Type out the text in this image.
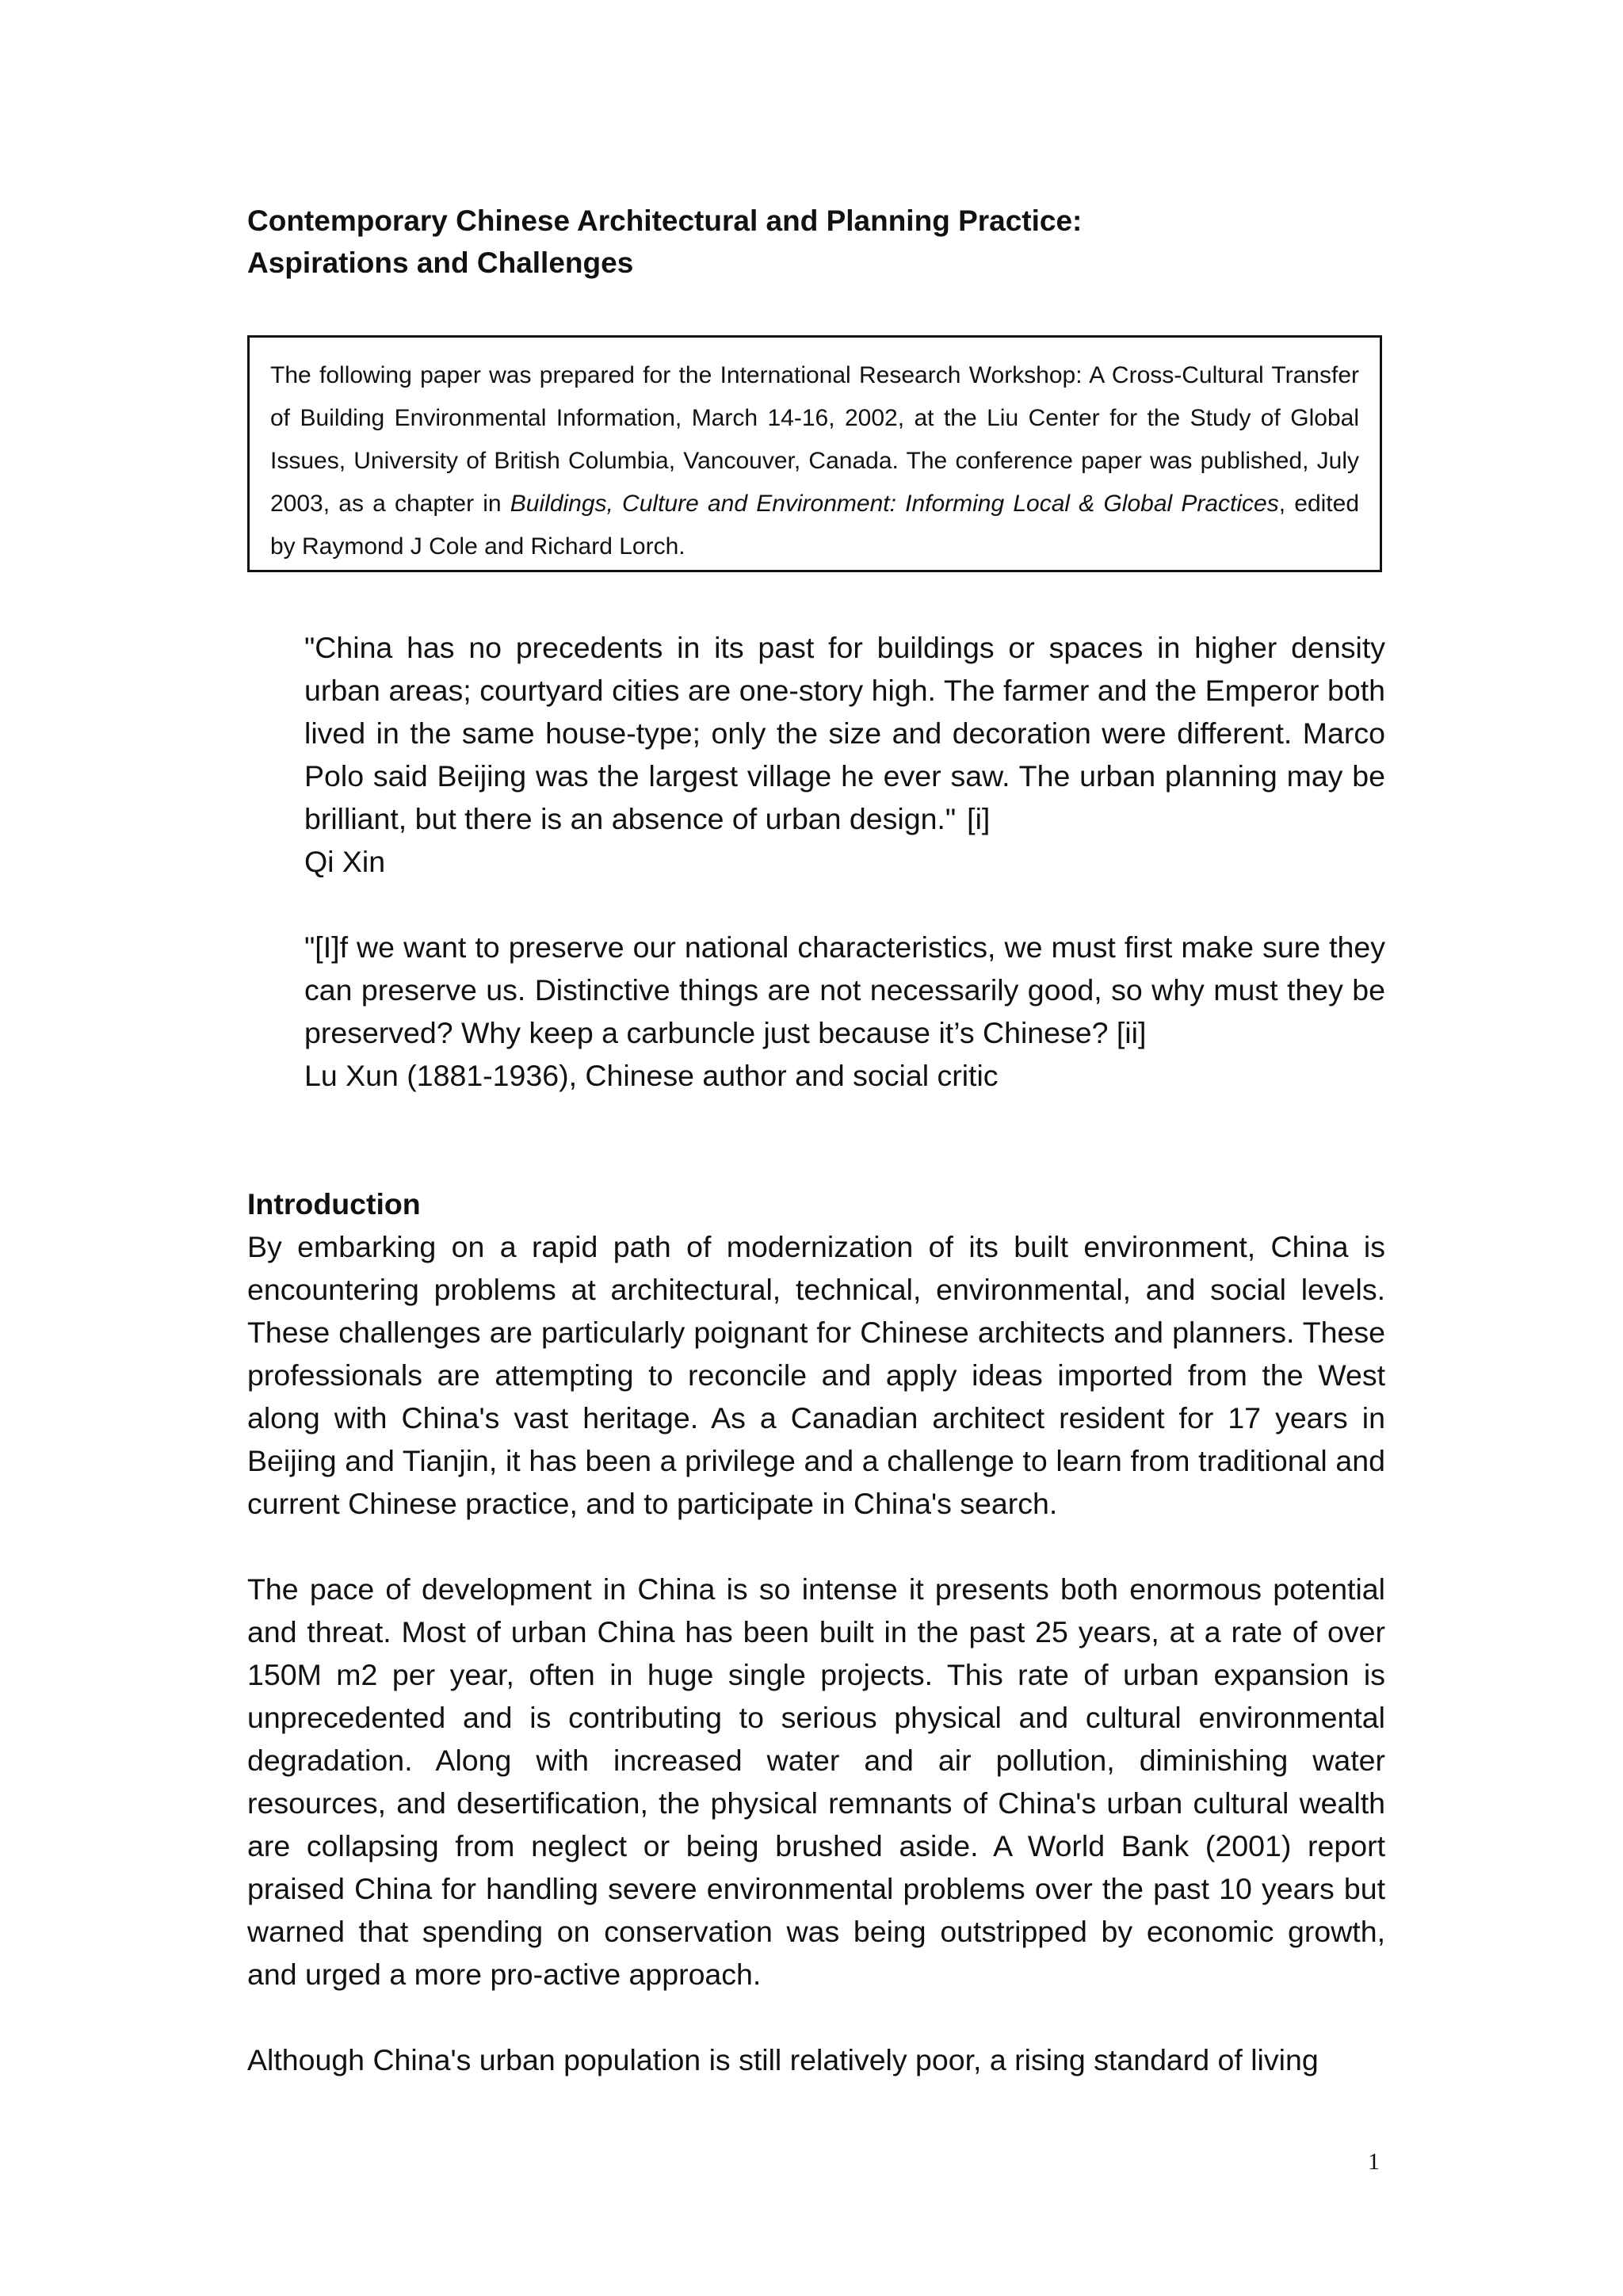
Contemporary Chinese Architectural and Planning Practice:
Aspirations and Challenges
The following paper was prepared for the International Research Workshop: A Cross-Cultural Transfer of Building Environmental Information, March 14-16, 2002, at the Liu Center for the Study of Global Issues, University of British Columbia, Vancouver, Canada. The conference paper was published, July 2003, as a chapter in Buildings, Culture and Environment: Informing Local & Global Practices, edited by Raymond J Cole and Richard Lorch.

"China has no precedents in its past for buildings or spaces in higher density urban areas; courtyard cities are one-story high. The farmer and the Emperor both lived in the same house-type; only the size and decoration were different. Marco Polo said Beijing was the largest village he ever saw. The urban planning may be brilliant, but there is an absence of urban design." [i]

Qi Xin

"[I]f we want to preserve our national characteristics, we must first make sure they can preserve us. Distinctive things are not necessarily good, so why must they be preserved? Why keep a carbuncle just because it’s Chinese? [ii]

Lu Xun (1881-1936), Chinese author and social critic

Introduction

By embarking on a rapid path of modernization of its built environment, China is encountering problems at architectural, technical, environmental, and social levels. These challenges are particularly poignant for Chinese architects and planners. These professionals are attempting to reconcile and apply ideas imported from the West along with China's vast heritage. As a Canadian architect resident for 17 years in Beijing and Tianjin, it has been a privilege and a challenge to learn from traditional and current Chinese practice, and to participate in China's search.

The pace of development in China is so intense it presents both enormous potential and threat. Most of urban China has been built in the past 25 years, at a rate of over 150M m2 per year, often in huge single projects. This rate of urban expansion is unprecedented and is contributing to serious physical and cultural environmental degradation. Along with increased water and air pollution, diminishing water resources, and desertification, the physical remnants of China's urban cultural wealth are collapsing from neglect or being brushed aside. A World Bank (2001) report praised China for handling severe environmental problems over the past 10 years but warned that spending on conservation was being outstripped by economic growth, and urged a more pro-active approach.

Although China's urban population is still relatively poor, a rising standard of living

1
